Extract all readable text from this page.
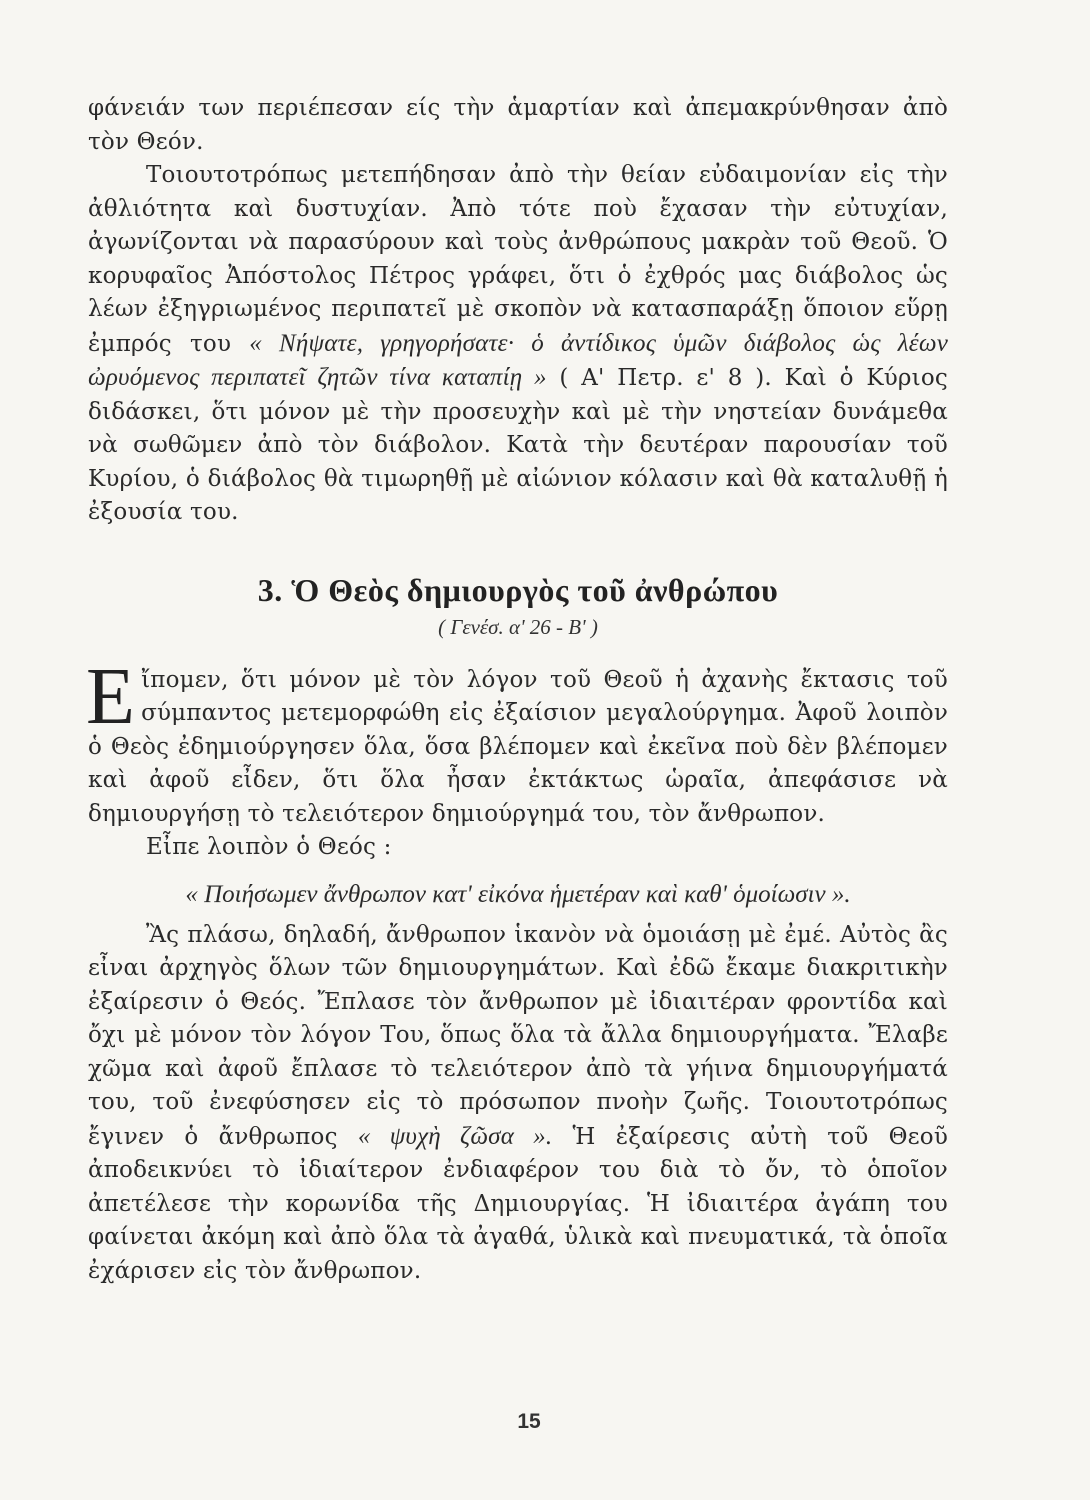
φάνειάν των περιέπεσαν είς τὴν ἁμαρτίαν καὶ ἀπεμακρύνθησαν ἀπὸ τὸν Θεόν.

Τοιουτοτρόπως μετεπήδησαν ἀπὸ τὴν θείαν εὐδαιμονίαν εἰς τὴν ἀθλιότητα καὶ δυστυχίαν. Ἀπὸ τότε ποὺ ἔχασαν τὴν εὐτυχίαν, ἀγωνίζονται νὰ παρασύρουν καὶ τοὺς ἀνθρώπους μακρὰν τοῦ Θεοῦ. Ὁ κορυφαῖος Ἀπόστολος Πέτρος γράφει, ὅτι ὁ ἐχθρός μας διάβολος ὡς λέων ἐξηγριωμένος περιπατεῖ μὲ σκοπὸν νὰ κατασπαράξῃ ὅποιον εὕρῃ ἐμπρός του « Νήψατε, γρηγορήσατε· ὁ ἀντίδικος ὑμῶν διάβολος ὡς λέων ὠρυόμενος περιπατεῖ ζητῶν τίνα καταπίῃ » ( Α' Πετρ. ε' 8 ). Καὶ ὁ Κύριος διδάσκει, ὅτι μόνον μὲ τὴν προσευχὴν καὶ μὲ τὴν νηστείαν δυνάμεθα νὰ σωθῶμεν ἀπὸ τὸν διάβολον. Κατὰ τὴν δευτέραν παρουσίαν τοῦ Κυρίου, ὁ διάβολος θὰ τιμωρηθῇ μὲ αἰώνιον κόλασιν καὶ θὰ καταλυθῇ ἡ ἐξουσία του.

3. Ὁ Θεὸς δημιουργὸς τοῦ ἀνθρώπου
( Γενέσ. α' 26 - Β' )

Εἴπομεν, ὅτι μόνον μὲ τὸν λόγον τοῦ Θεοῦ ἡ ἀχανὴς ἔκτασις τοῦ σύμπαντος μετεμορφώθη εἰς ἐξαίσιον μεγαλούργημα. Ἀφοῦ λοιπὸν ὁ Θεὸς ἐδημιούργησεν ὅλα, ὅσα βλέπομεν καὶ ἐκεῖνα ποὺ δὲν βλέπομεν καὶ ἀφοῦ εἶδεν, ὅτι ὅλα ἦσαν ἐκτάκτως ὡραῖα, ἀπεφάσισε νὰ δημιουργήσῃ τὸ τελειότερον δημιούργημά του, τὸν ἄνθρωπον.

Εἶπε λοιπὸν ὁ Θεός :

« Ποιήσωμεν ἄνθρωπον κατ' εἰκόνα ἡμετέραν καὶ καθ' ὁμοίωσιν ».

Ἂς πλάσω, δηλαδή, ἄνθρωπον ἱκανὸν νὰ ὁμοιάσῃ μὲ ἐμέ. Αὐτὸς ἂς εἶναι ἀρχηγὸς ὅλων τῶν δημιουργημάτων. Καὶ ἐδῶ ἔκαμε διακριτικὴν ἐξαίρεσιν ὁ Θεός. Ἔπλασε τὸν ἄνθρωπον μὲ ἰδιαιτέραν φροντίδα καὶ ὄχι μὲ μόνον τὸν λόγον Του, ὅπως ὅλα τὰ ἄλλα δημιουργήματα. Ἔλαβε χῶμα καὶ ἀφοῦ ἔπλασε τὸ τελειότερον ἀπὸ τὰ γήινα δημιουργήματά του, τοῦ ἐνεφύσησεν εἰς τὸ πρόσωπον πνοὴν ζωῆς. Τοιουτοτρόπως ἔγινεν ὁ ἄνθρωπος « ψυχὴ ζῶσα ». Ἡ ἐξαίρεσις αὐτὴ τοῦ Θεοῦ ἀποδεικνύει τὸ ἰδιαίτερον ἐνδιαφέρον του διὰ τὸ ὄν, τὸ ὁποῖον ἀπετέλεσε τὴν κορωνίδα τῆς Δημιουργίας. Ἡ ἰδιαιτέρα ἀγάπη του φαίνεται ἀκόμη καὶ ἀπὸ ὅλα τὰ ἀγαθά, ὑλικὰ καὶ πνευματικά, τὰ ὁποῖα ἐχάρισεν εἰς τὸν ἄνθρωπον.

15
